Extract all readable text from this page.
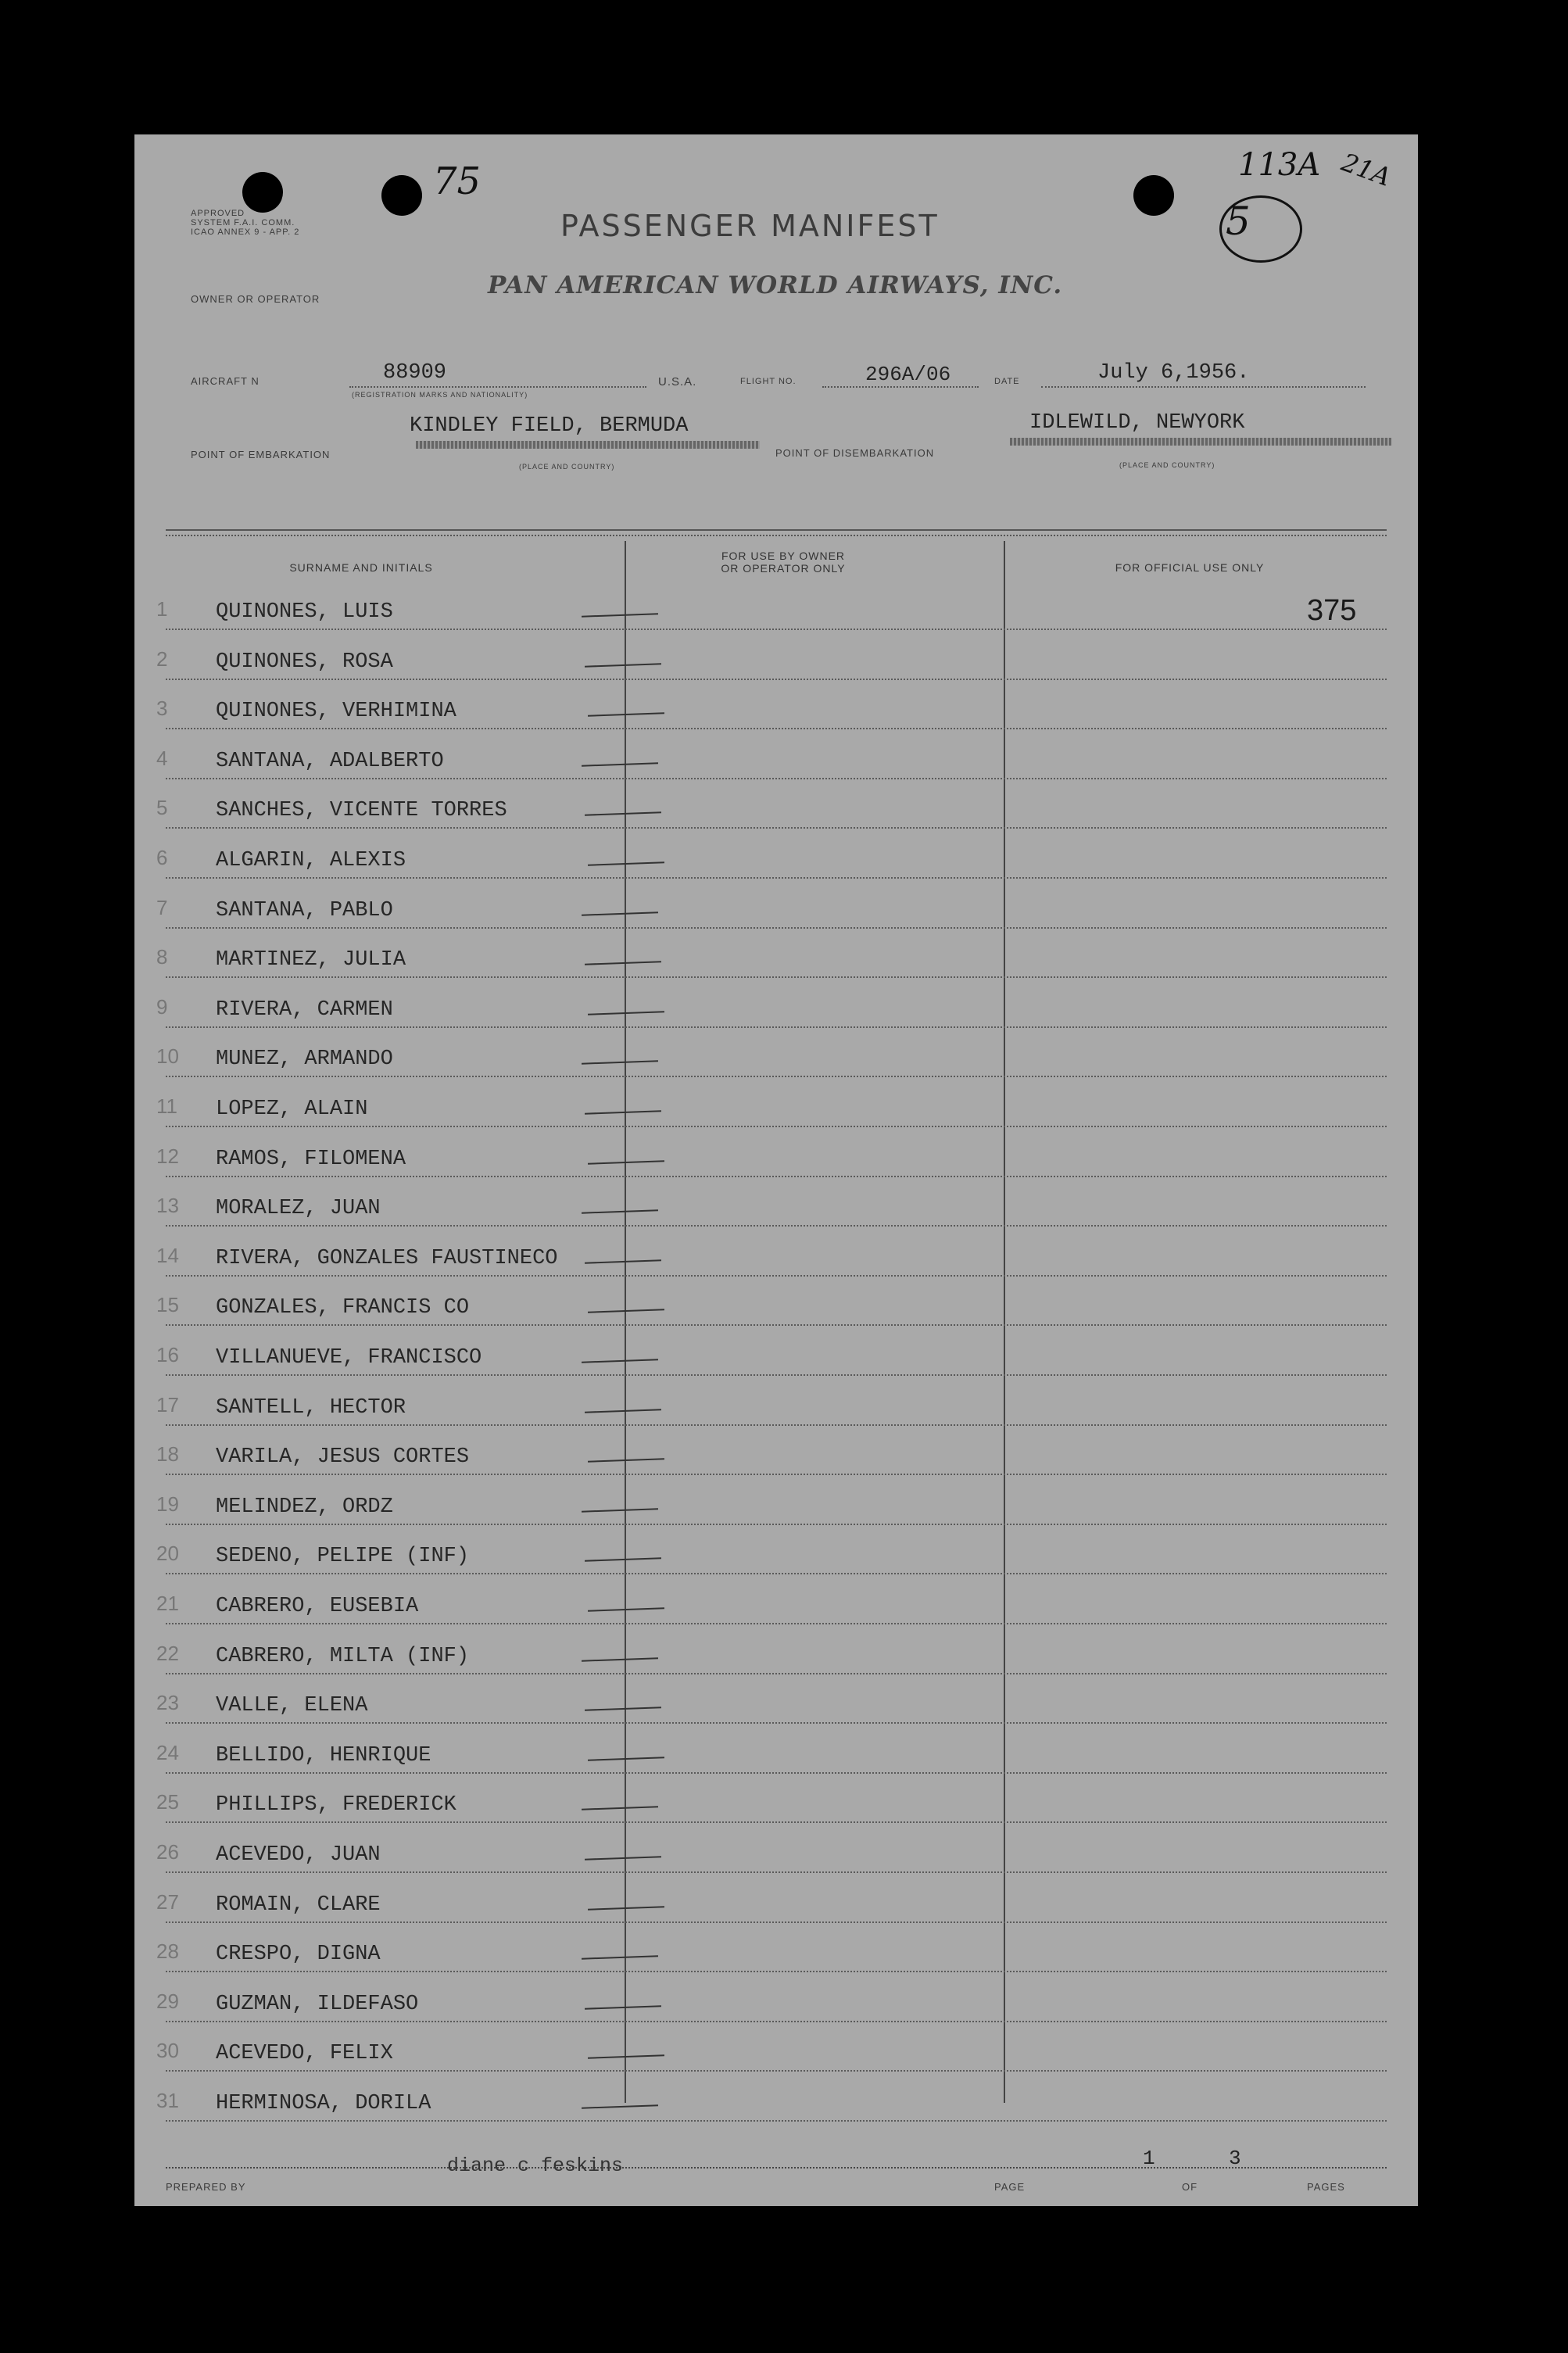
APPROVED
SYSTEM F.A.I. COMM.
ICAO ANNEX 9 - APP. 2
75	113A
5
21A
PASSENGER MANIFEST
OWNER OR OPERATOR	PAN AMERICAN WORLD AIRWAYS, INC.
AIRCRAFT N	88909
(REGISTRATION MARKS AND NATIONALITY)
U.S.A.	FLIGHT NO.	296A/06	DATE	July 6,1956.
KINDLEY FIELD, BERMUDA	IDLEWILD, NEWYORK
POINT OF EMBARKATION	POINT OF DISEMBARKATION
(PLACE AND COUNTRY)	(PLACE AND COUNTRY)
SURNAME AND INITIALS
FOR USE BY OWNER OR OPERATOR ONLY	FOR OFFICIAL USE ONLY
375
1	QUINONES, LUIS
2	QUINONES, ROSA
3	QUINONES, VERHIMINA
4	SANTANA, ADALBERTO
5	SANCHES, VICENTE TORRES
6	ALGARIN, ALEXIS
7	SANTANA, PABLO
8	MARTINEZ, JULIA
9	RIVERA, CARMEN
10	MUNEZ, ARMANDO
11	LOPEZ, ALAIN
12	RAMOS, FILOMENA
13	MORALEZ, JUAN
14	RIVERA, GONZALES FAUSTINECO
15	GONZALES, FRANCIS CO
16	VILLANUEVE, FRANCISCO
17	SANTELL, HECTOR
18	VARILA, JESUS CORTES
19	MELINDEZ, ORDZ
20	SEDENO, PELIPE (INF)
21	CABRERO, EUSEBIA
22	CABRERO, MILTA (INF)
23	VALLE, ELENA
24	BELLIDO, HENRIQUE
25	PHILLIPS, FREDERICK
26	ACEVEDO, JUAN
27	ROMAIN, CLARE
28	CRESPO, DIGNA
29	GUZMAN, ILDEFASO
30	ACEVEDO, FELIX
31	HERMINOSA, DORILA
PREPARED BY
diane c feskins
PAGE
1
OF
3
PAGES
